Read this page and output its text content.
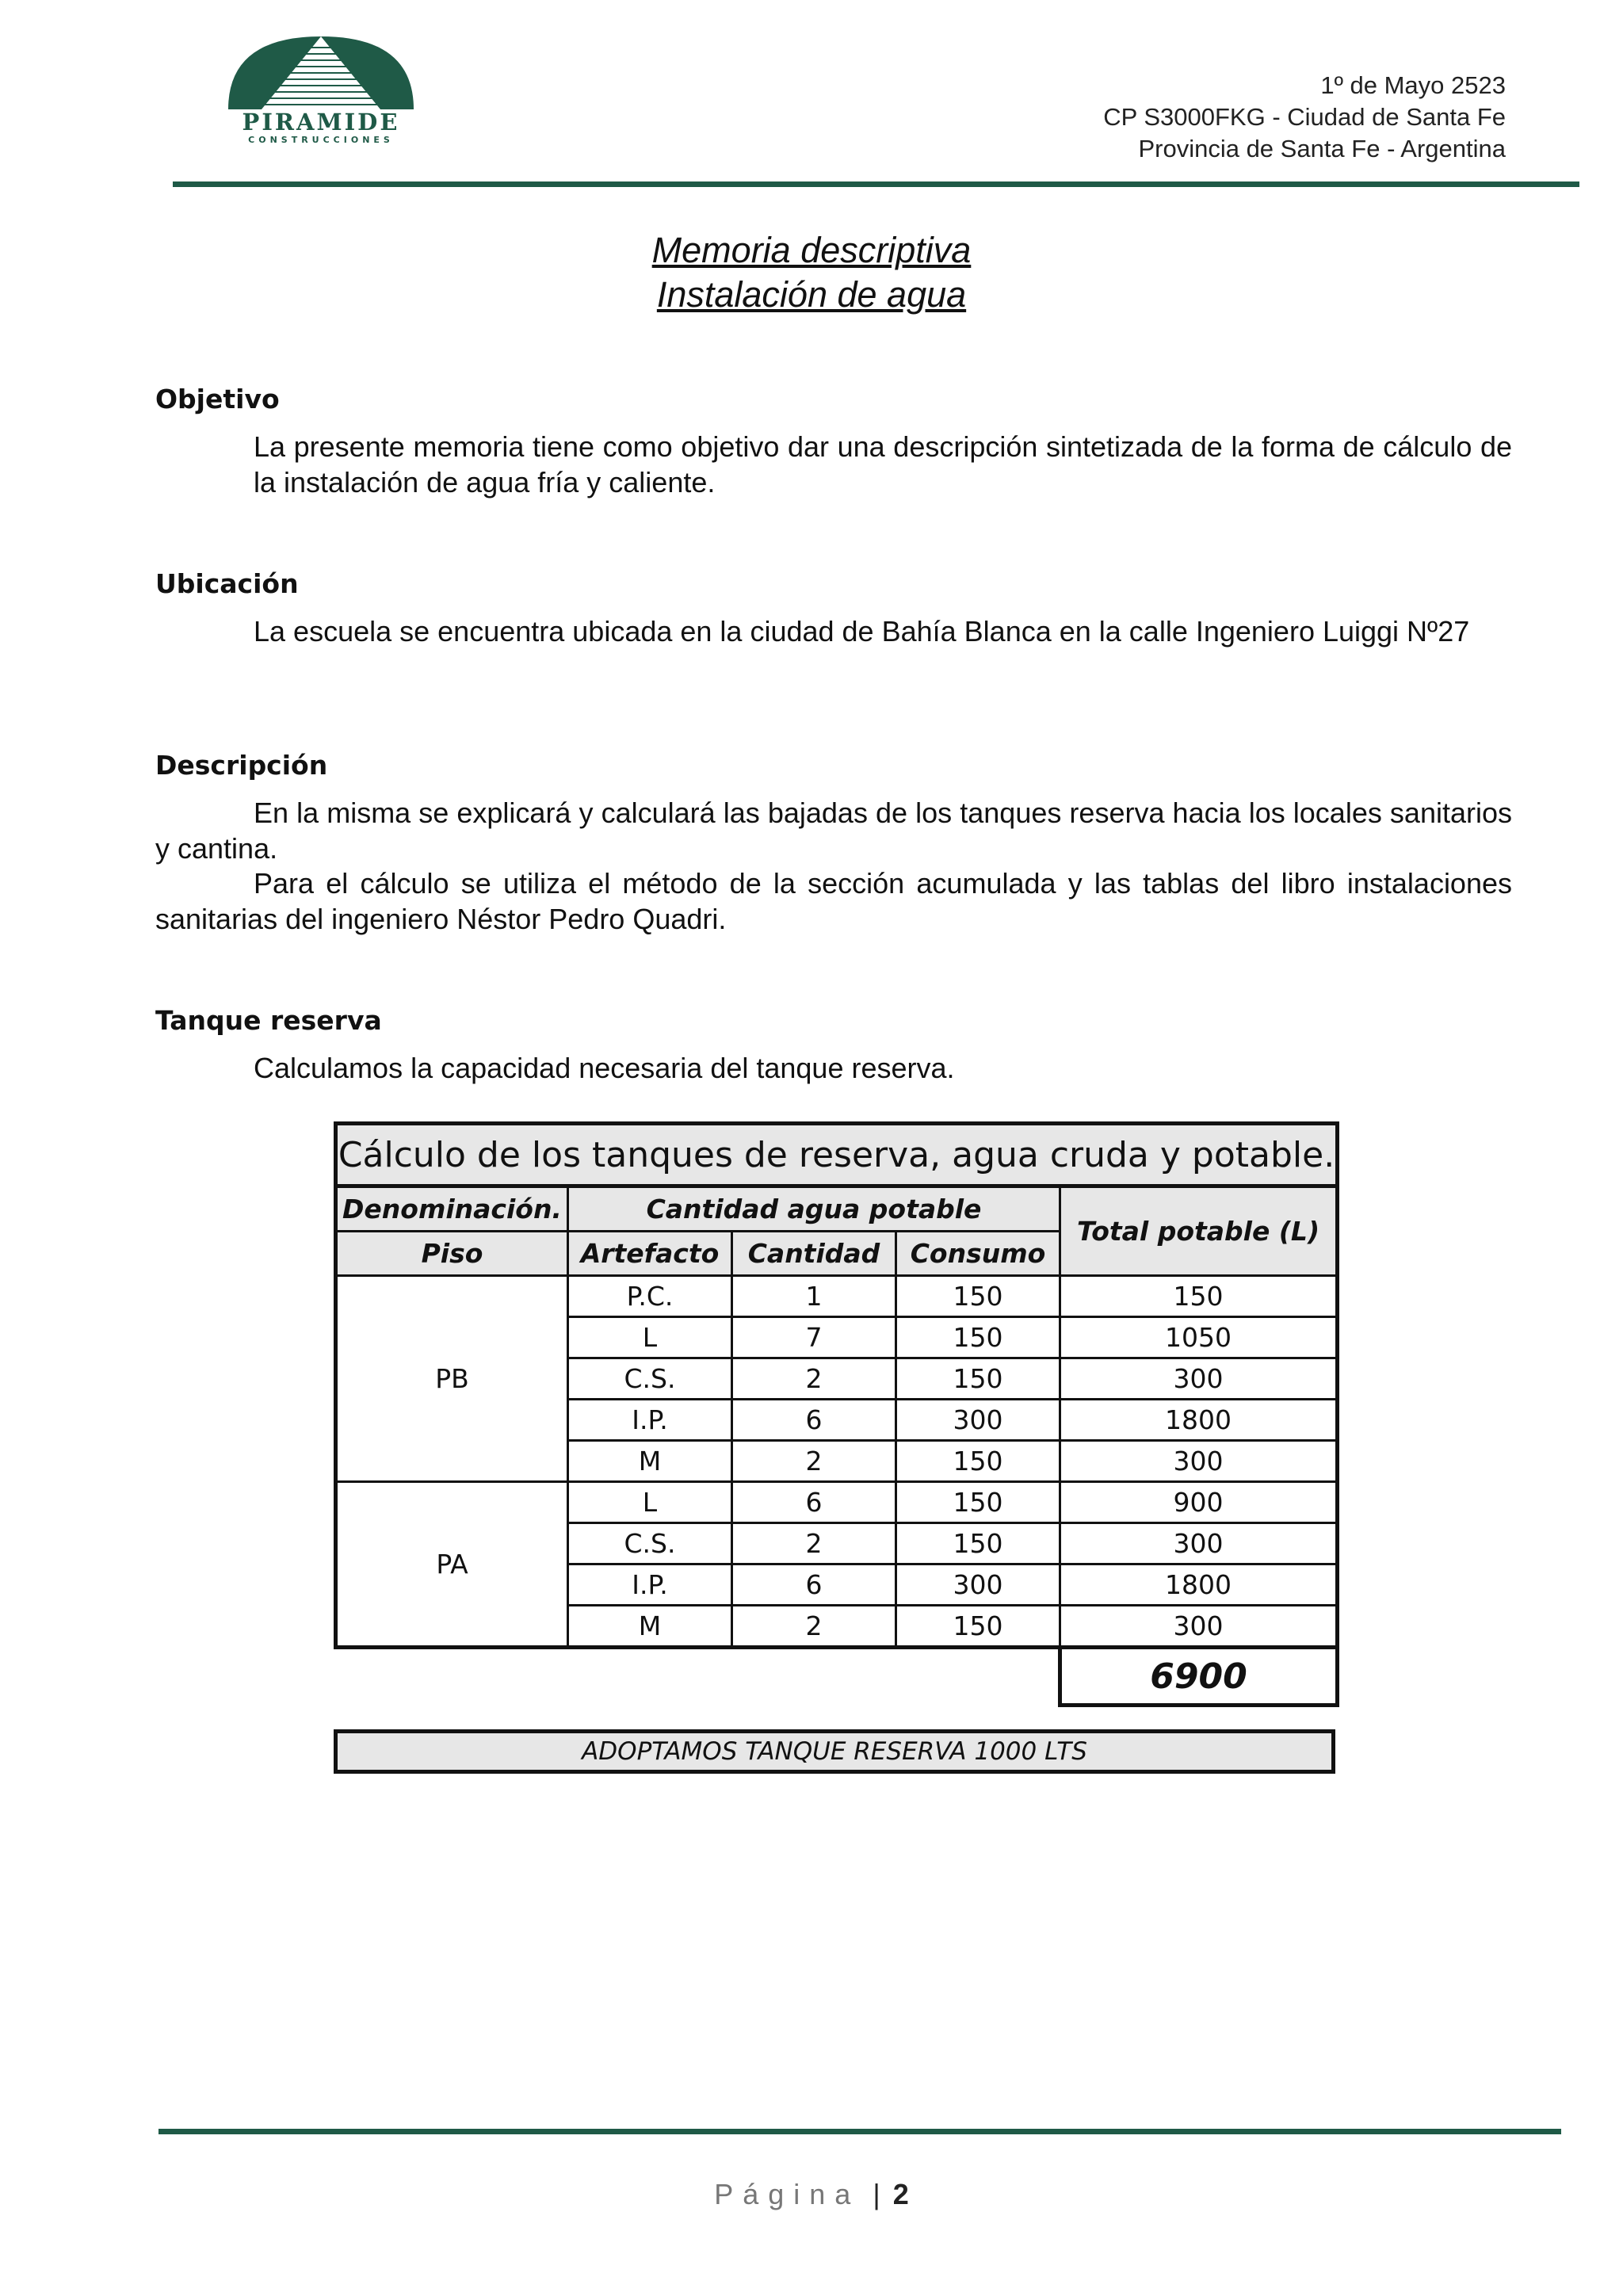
PIRAMIDE
CONSTRUCCIONES
1º de Mayo 2523
CP S3000FKG - Ciudad de Santa Fe
Provincia de Santa Fe - Argentina
Memoria descriptiva
Instalación de agua
Objetivo
La presente memoria tiene como objetivo dar una descripción sintetizada de la forma de cálculo de la instalación de agua fría y caliente.
Ubicación
La escuela se encuentra ubicada en la ciudad de Bahía Blanca en la calle Ingeniero Luiggi Nº27
Descripción
En la misma se explicará y calculará las bajadas de los tanques reserva hacia los locales sanitarios y cantina.
Para el cálculo se utiliza el método de la sección acumulada y las tablas del libro instalaciones sanitarias del ingeniero Néstor Pedro Quadri.
Tanque reserva
Calculamos la capacidad necesaria del tanque reserva.
Cálculo de los tanques de reserva, agua cruda y potable.				
Denominación.	Cantidad agua potable			Total potable (L)
Piso	Artefacto	Cantidad	Consumo	
PB	P.C.	1	150	150
	L	7	150	1050
	C.S.	2	150	300
	I.P.	6	300	1800
	M	2	150	300
PA	L	6	150	900
	C.S.	2	150	300
	I.P.	6	300	1800
	M	2	150	300
				6900
ADOPTAMOS TANQUE RESERVA 1000 LTS
Página | 2
